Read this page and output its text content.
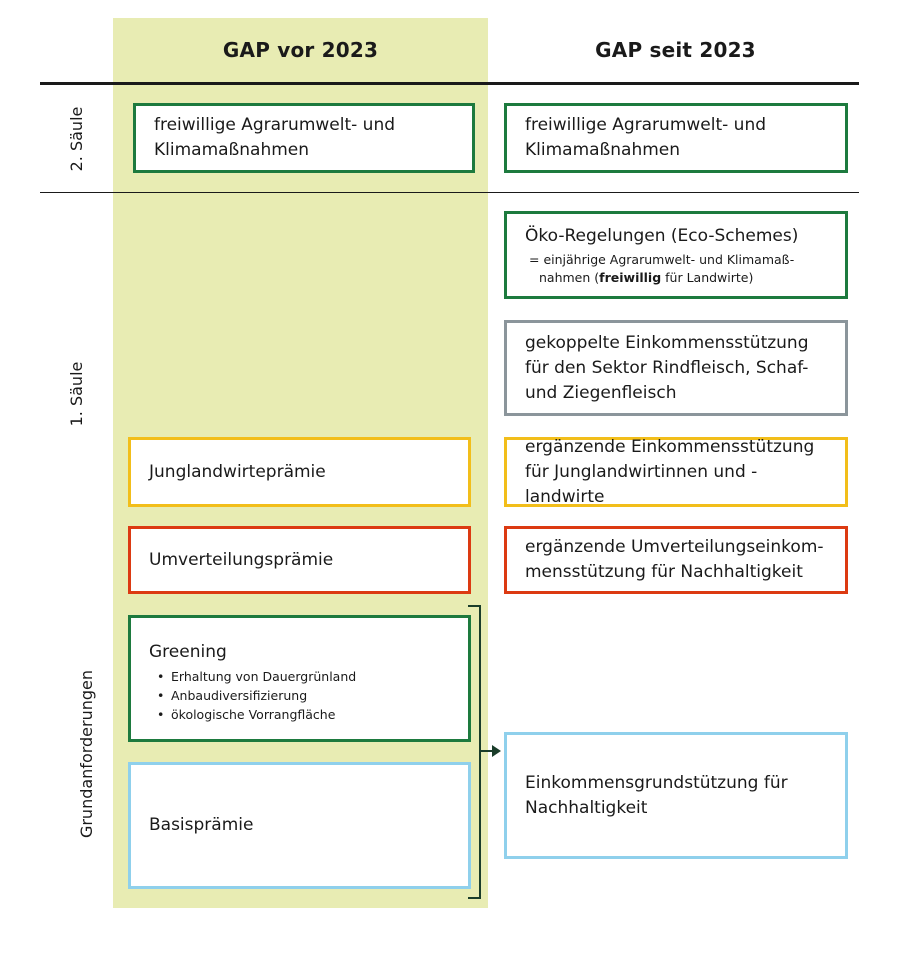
GAP vor 2023	GAP seit 2023
2. Säule
1. Säule
Grundanforderungen
freiwillige Agrarumwelt- und
Klimamaßnahmen
Junglandwirteprämie
Umverteilungsprämie
Greening
• Erhaltung von Dauergrünland
• Anbaudiversifizierung
• ökologische Vorrangfläche
Basisprämie
freiwillige Agrarumwelt- und
Klimamaßnahmen
Öko-Regelungen (Eco-Schemes)
= einjährige Agrarumwelt- und Klimamaß-
nahmen (freiwillig für Landwirte)
gekoppelte Einkommensstützung
für den Sektor Rindfleisch, Schaf-
und Ziegenfleisch
ergänzende Einkommensstützung
für Junglandwirtinnen und -landwirte
ergänzende Umverteilungseinkom-
mensstützung für Nachhaltigkeit
Einkommensgrundstützung für
Nachhaltigkeit
